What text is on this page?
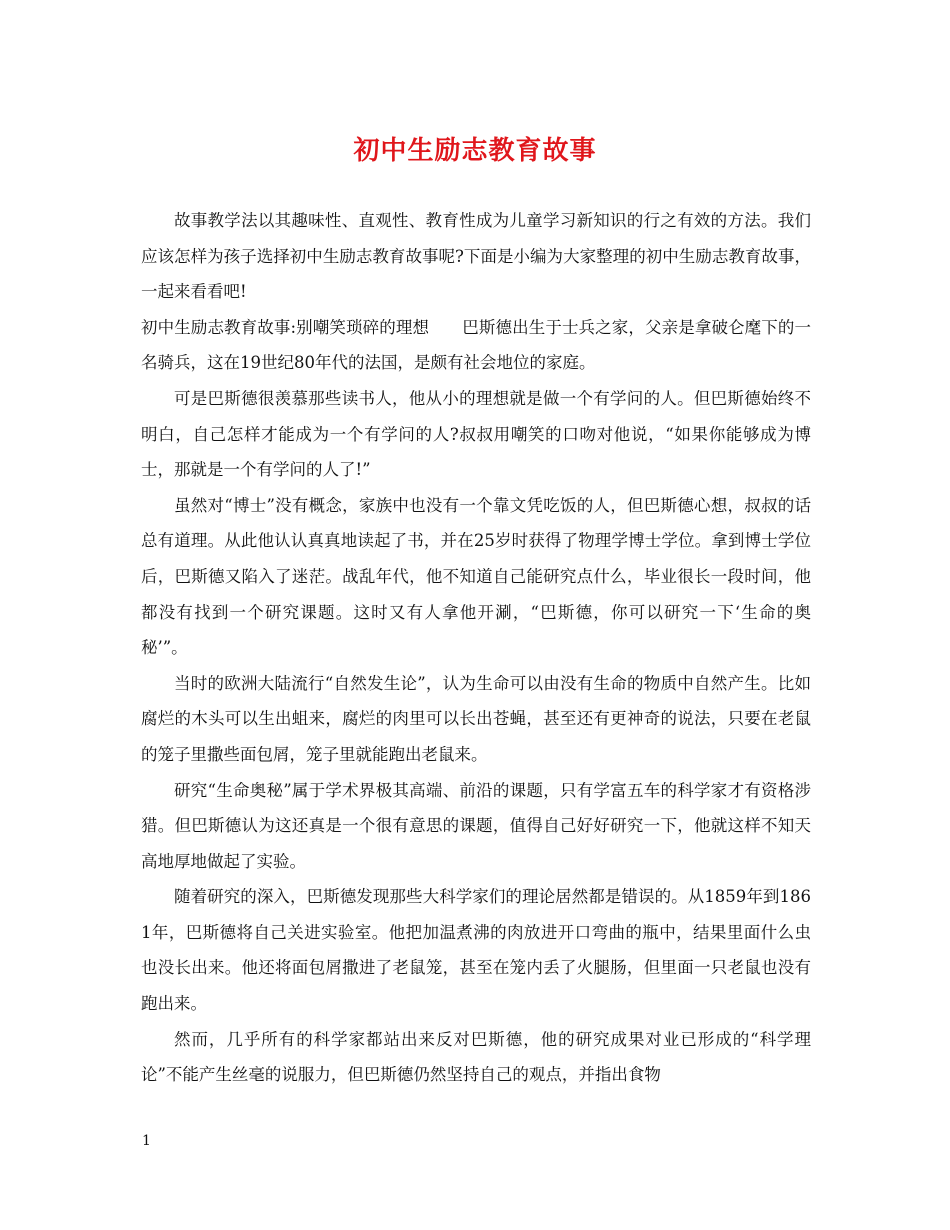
初中生励志教育故事

故事教学法以其趣味性、直观性、教育性成为儿童学习新知识的行之有效的方法。我们应该怎样为孩子选择初中生励志教育故事呢?下面是小编为大家整理的初中生励志教育故事，一起来看看吧!

初中生励志教育故事:别嘲笑琐碎的理想　　巴斯德出生于士兵之家，父亲是拿破仑麾下的一名骑兵，这在19世纪80年代的法国，是颇有社会地位的家庭。

可是巴斯德很羡慕那些读书人，他从小的理想就是做一个有学问的人。但巴斯德始终不明白，自己怎样才能成为一个有学问的人?叔叔用嘲笑的口吻对他说，“如果你能够成为博士，那就是一个有学问的人了!”

虽然对“博士”没有概念，家族中也没有一个靠文凭吃饭的人，但巴斯德心想，叔叔的话总有道理。从此他认认真真地读起了书，并在25岁时获得了物理学博士学位。拿到博士学位后，巴斯德又陷入了迷茫。战乱年代，他不知道自己能研究点什么，毕业很长一段时间，他都没有找到一个研究课题。这时又有人拿他开涮，“巴斯德，你可以研究一下‘生命的奥秘’”。

当时的欧洲大陆流行“自然发生论”，认为生命可以由没有生命的物质中自然产生。比如腐烂的木头可以生出蛆来，腐烂的肉里可以长出苍蝇，甚至还有更神奇的说法，只要在老鼠的笼子里撒些面包屑，笼子里就能跑出老鼠来。

研究“生命奥秘”属于学术界极其高端、前沿的课题，只有学富五车的科学家才有资格涉猎。但巴斯德认为这还真是一个很有意思的课题，值得自己好好研究一下，他就这样不知天高地厚地做起了实验。

随着研究的深入，巴斯德发现那些大科学家们的理论居然都是错误的。从1859年到1861年，巴斯德将自己关进实验室。他把加温煮沸的肉放进开口弯曲的瓶中，结果里面什么虫也没长出来。他还将面包屑撒进了老鼠笼，甚至在笼内丢了火腿肠，但里面一只老鼠也没有跑出来。

然而，几乎所有的科学家都站出来反对巴斯德，他的研究成果对业已形成的“科学理论”不能产生丝毫的说服力，但巴斯德仍然坚持自己的观点，并指出食物

1
